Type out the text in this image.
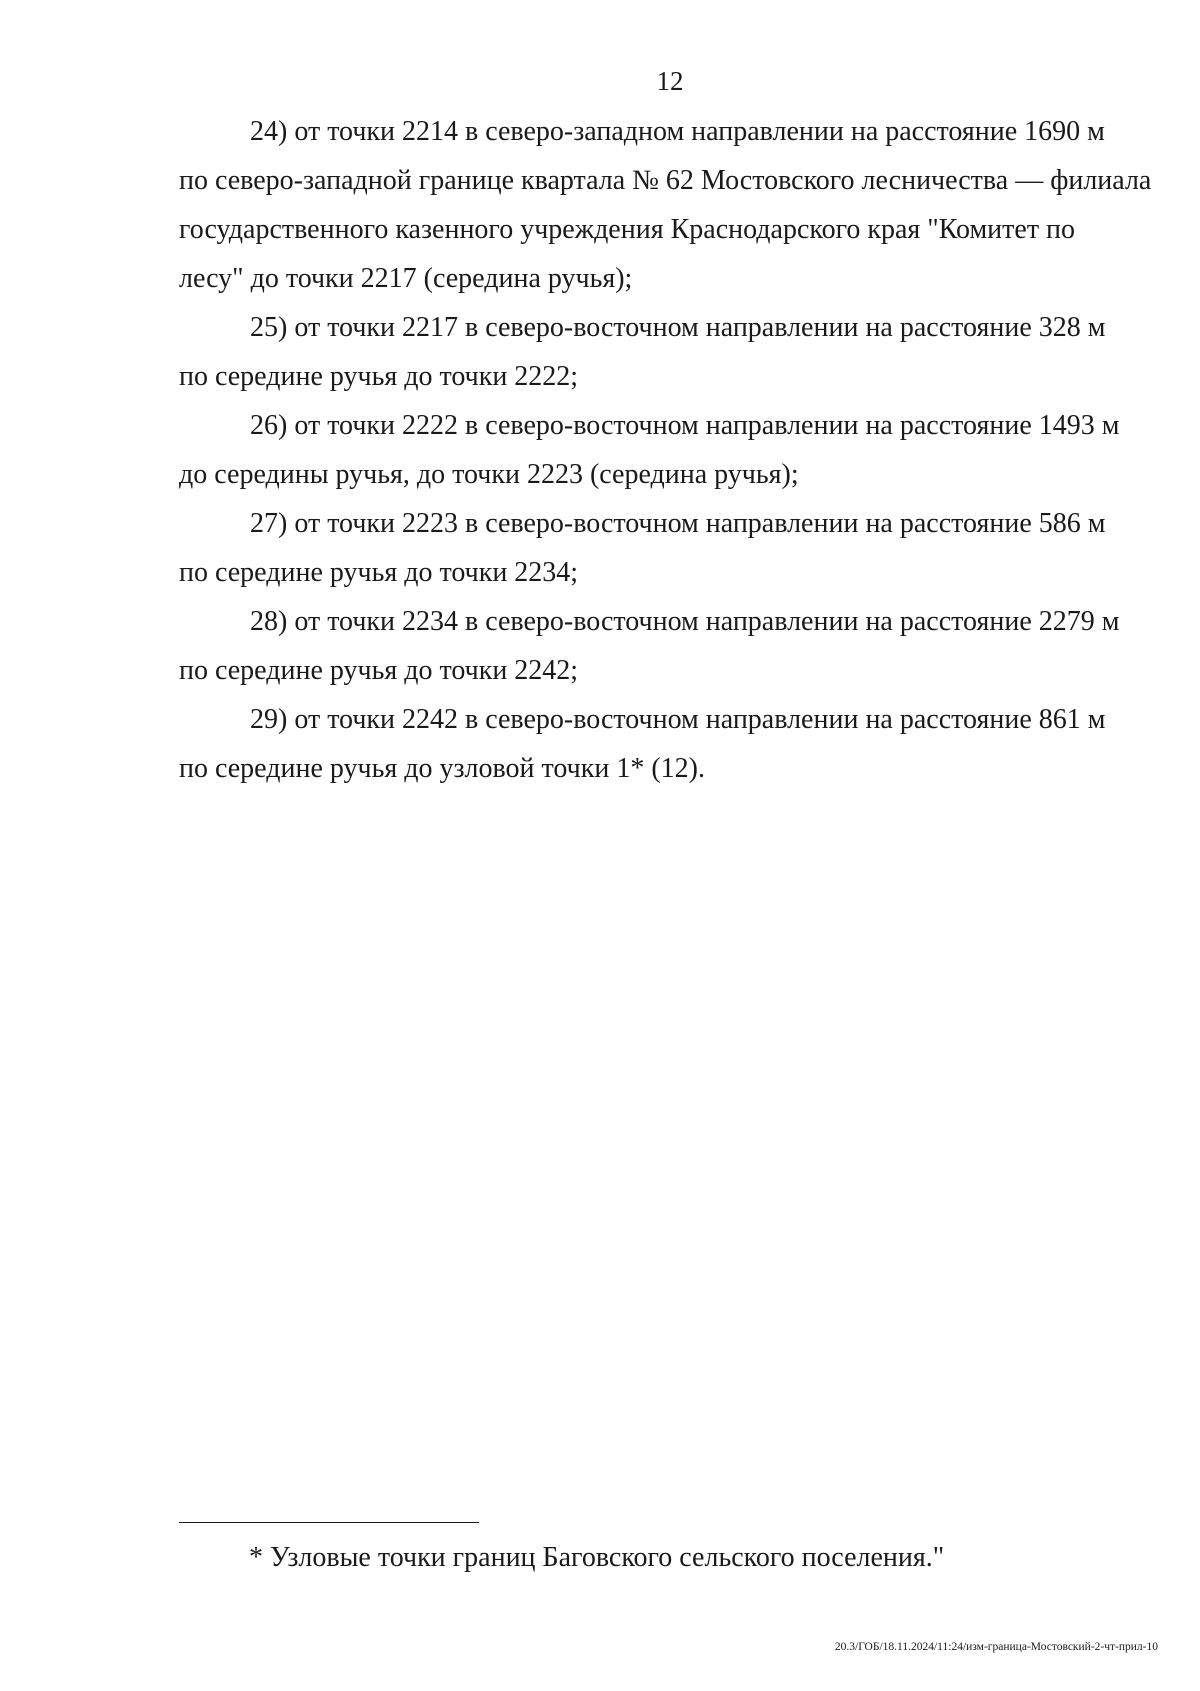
12
24) от точки 2214 в северо-западном направлении на расстояние 1690 м
по северо-западной границе квартала № 62 Мостовского лесничества — филиала
государственного казенного учреждения Краснодарского края "Комитет по
лесу" до точки 2217 (середина ручья);
25) от точки 2217 в северо-восточном направлении на расстояние 328 м
по середине ручья до точки 2222;
26) от точки 2222 в северо-восточном направлении на расстояние 1493 м
до середины ручья, до точки 2223 (середина ручья);
27) от точки 2223 в северо-восточном направлении на расстояние 586 м
по середине ручья до точки 2234;
28) от точки 2234 в северо-восточном направлении на расстояние 2279 м
по середине ручья до точки 2242;
29) от точки 2242 в северо-восточном направлении на расстояние 861 м
по середине ручья до узловой точки 1* (12).
* Узловые точки границ Баговского сельского поселения."
20.3/ГОБ/18.11.2024/11:24/изм-граница-Мостовский-2-чт-прил-10
